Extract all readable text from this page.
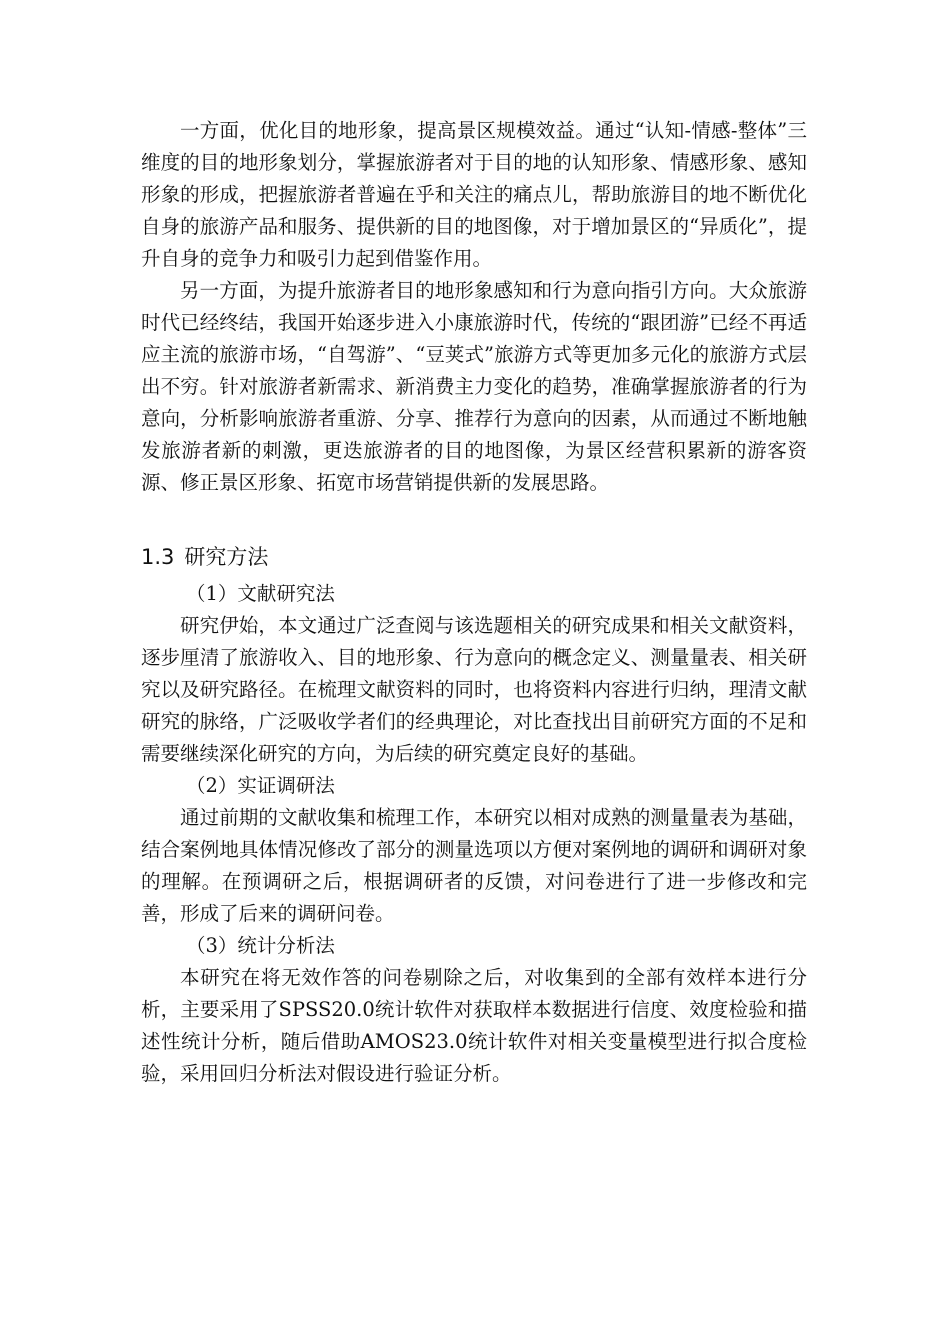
一方面，优化目的地形象，提高景区规模效益。通过“认知-情感-整体”三维度的目的地形象划分，掌握旅游者对于目的地的认知形象、情感形象、感知形象的形成，把握旅游者普遍在乎和关注的痛点儿，帮助旅游目的地不断优化自身的旅游产品和服务、提供新的目的地图像，对于增加景区的“异质化”，提升自身的竞争力和吸引力起到借鉴作用。

另一方面，为提升旅游者目的地形象感知和行为意向指引方向。大众旅游时代已经终结，我国开始逐步进入小康旅游时代，传统的“跟团游”已经不再适应主流的旅游市场，“自驾游”、“豆荚式”旅游方式等更加多元化的旅游方式层出不穷。针对旅游者新需求、新消费主力变化的趋势，准确掌握旅游者的行为意向，分析影响旅游者重游、分享、推荐行为意向的因素，从而通过不断地触发旅游者新的刺激，更迭旅游者的目的地图像，为景区经营积累新的游客资源、修正景区形象、拓宽市场营销提供新的发展思路。

1.3 研究方法

（1）文献研究法

研究伊始，本文通过广泛查阅与该选题相关的研究成果和相关文献资料，逐步厘清了旅游收入、目的地形象、行为意向的概念定义、测量量表、相关研究以及研究路径。在梳理文献资料的同时，也将资料内容进行归纳，理清文献研究的脉络，广泛吸收学者们的经典理论，对比查找出目前研究方面的不足和需要继续深化研究的方向，为后续的研究奠定良好的基础。

（2）实证调研法

通过前期的文献收集和梳理工作，本研究以相对成熟的测量量表为基础，结合案例地具体情况修改了部分的测量选项以方便对案例地的调研和调研对象的理解。在预调研之后，根据调研者的反馈，对问卷进行了进一步修改和完善，形成了后来的调研问卷。

（3）统计分析法

本研究在将无效作答的问卷剔除之后，对收集到的全部有效样本进行分析，主要采用了SPSS20.0统计软件对获取样本数据进行信度、效度检验和描述性统计分析，随后借助AMOS23.0统计软件对相关变量模型进行拟合度检验，采用回归分析法对假设进行验证分析。
